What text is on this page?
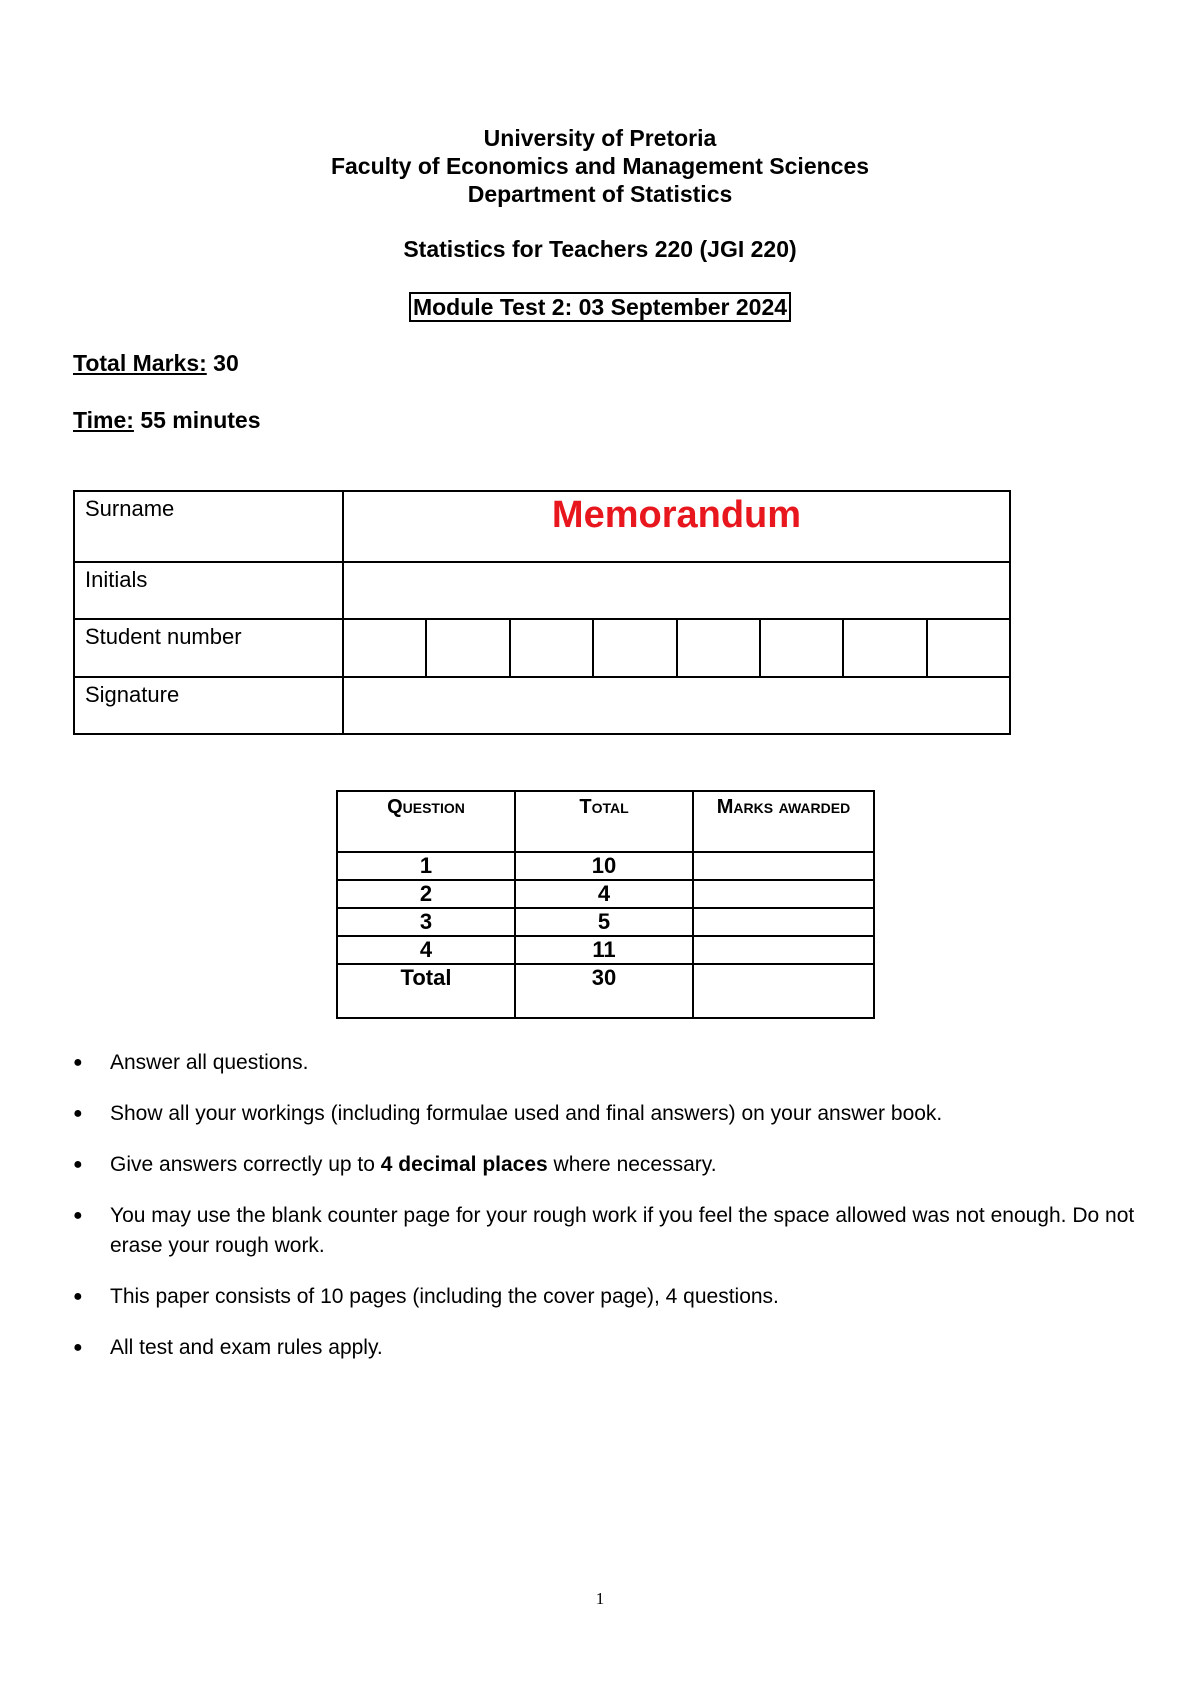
University of Pretoria

Faculty of Economics and Management Sciences

Department of Statistics

Statistics for Teachers 220 (JGI 220)
Module Test 2: 03 September 2024
Total Marks: 30
Time: 55 minutes
Surname	Memorandum
Initials	
Student number	

Signature	
Question	Total	Marks awarded
1	10	
2	4	
3	5	
4	11	
Total	30	
● Answer all questions.
● Show all your workings (including formulae used and final answers) on your answer book.
● Give answers correctly up to 4 decimal places where necessary.
● You may use the blank counter page for your rough work if you feel the space allowed was not enough. Do not erase your rough work.
● This paper consists of 10 pages (including the cover page), 4 questions.
● All test and exam rules apply.
1
